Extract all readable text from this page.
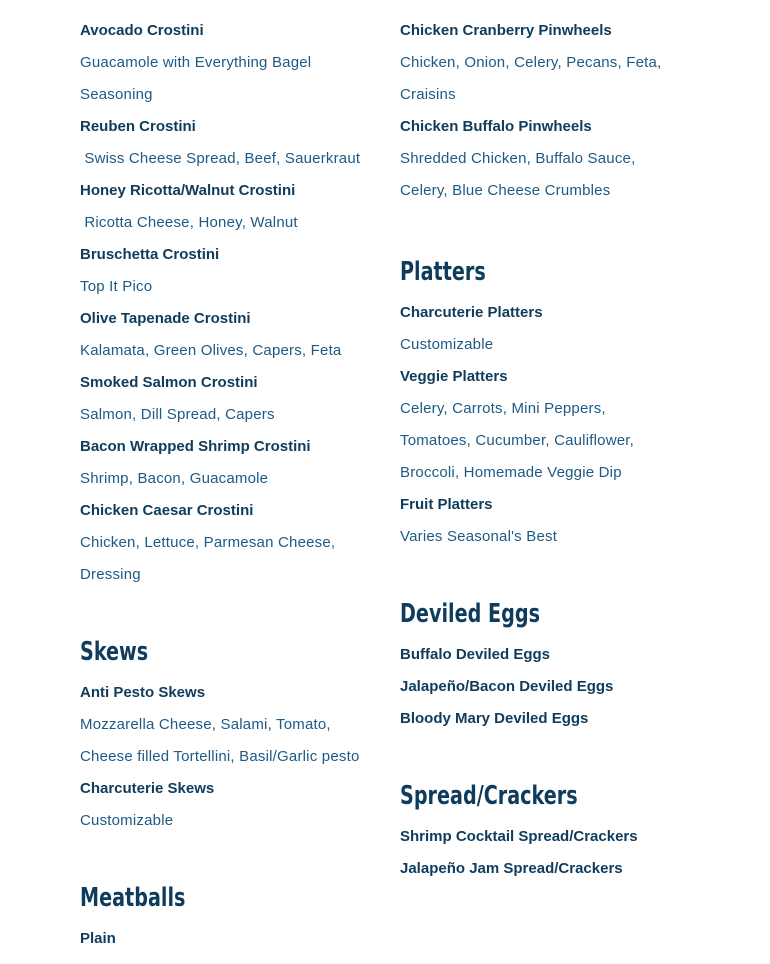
Avocado Crostini
Guacamole with Everything Bagel Seasoning
Reuben Crostini
Swiss Cheese Spread, Beef, Sauerkraut
Honey Ricotta/Walnut Crostini
Ricotta Cheese, Honey, Walnut
Bruschetta Crostini
Top It Pico
Olive Tapenade Crostini
Kalamata, Green Olives, Capers, Feta
Smoked Salmon Crostini
Salmon, Dill Spread, Capers
Bacon Wrapped Shrimp Crostini
Shrimp, Bacon, Guacamole
Chicken Caesar Crostini
Chicken, Lettuce, Parmesan Cheese, Dressing
Skews
Anti Pesto Skews
Mozzarella Cheese, Salami, Tomato, Cheese filled Tortellini, Basil/Garlic pesto
Charcuterie Skews
Customizable
Meatballs
Plain
Chicken Cranberry Pinwheels
Chicken, Onion, Celery, Pecans, Feta, Craisins
Chicken Buffalo Pinwheels
Shredded Chicken, Buffalo Sauce, Celery, Blue Cheese Crumbles
Platters
Charcuterie Platters
Customizable
Veggie Platters
Celery, Carrots, Mini Peppers, Tomatoes, Cucumber, Cauliflower, Broccoli, Homemade Veggie Dip
Fruit Platters
Varies Seasonal's Best
Deviled Eggs
Buffalo Deviled Eggs
Jalapeño/Bacon Deviled Eggs
Bloody Mary Deviled Eggs
Spread/Crackers
Shrimp Cocktail Spread/Crackers
Jalapeño Jam Spread/Crackers
